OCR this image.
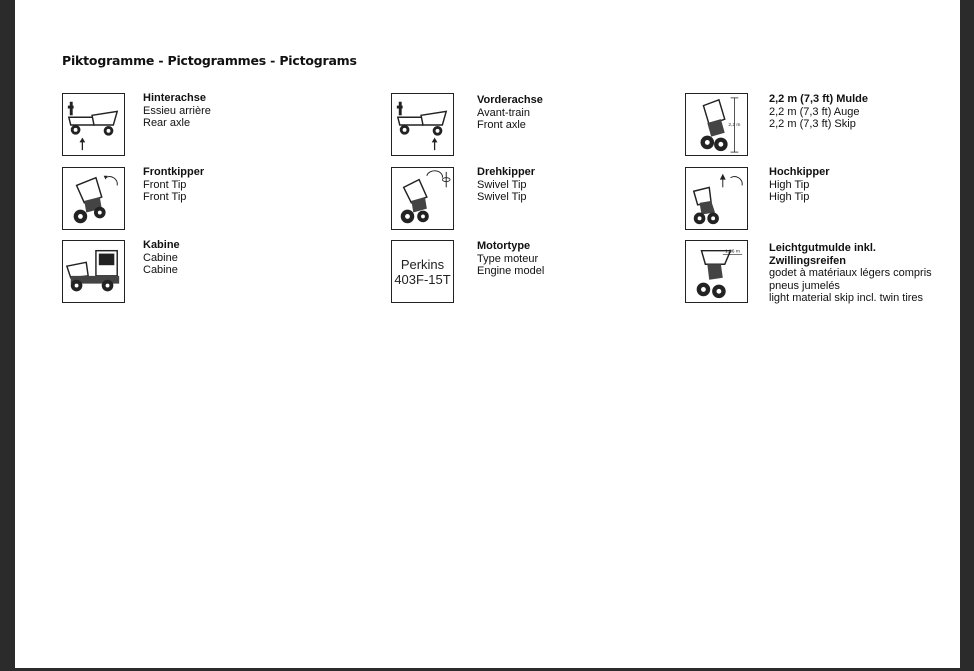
Piktogramme - Pictogrammes - Pictograms
Hinterachse
Essieu arrière
Rear axle
Vorderachse
Avant-train
Front axle	2,2 m
2,2 m (7,3 ft) Mulde
2,2 m (7,3 ft) Auge
2,2 m (7,3 ft) Skip
Frontkipper
Front Tip
Front Tip
Drehkipper
Swivel Tip
Swivel Tip
Hochkipper
High Tip
High Tip
Kabine
Cabine
Cabine	Perkins
403F-15T
Motortype
Type moteur
Engine model
1,86 m	Leichtgutmulde inkl.
Zwillingsreifen
godet à matériaux légers compris
pneus jumelés
light material skip incl. twin tires
